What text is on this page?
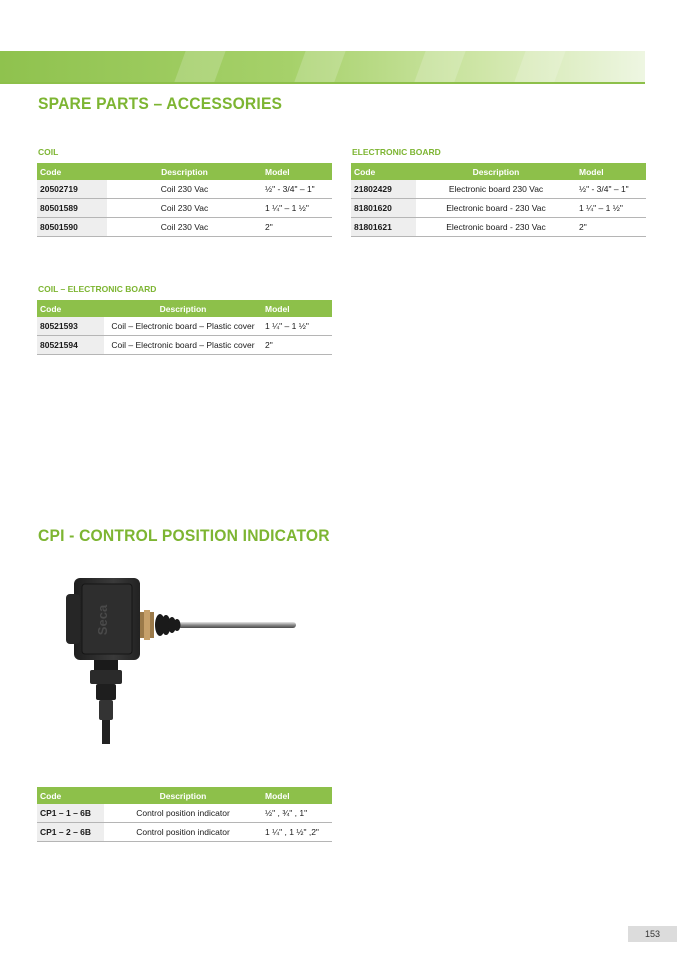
SPARE PARTS – ACCESSORIES
COIL
Code	Description	Model
20502719	Coil 230 Vac	½" - 3/4" – 1"
80501589	Coil 230 Vac	1 ¼" – 1 ½"
80501590	Coil 230 Vac	2"
ELECTRONIC BOARD
Code	Description	Model
21802429	Electronic board 230 Vac	½" - 3/4" – 1"
81801620	Electronic board - 230 Vac	1 ¼" – 1 ½"
81801621	Electronic board - 230 Vac	2"
COIL – ELECTRONIC BOARD
Code	Description	Model
80521593	Coil – Electronic board – Plastic cover	1 ¼" – 1 ½"
80521594	Coil – Electronic board – Plastic cover	2"
CPI - CONTROL POSITION INDICATOR
Seca
Code	Description	Model
CP1 – 1 – 6B	Control position indicator	½" , ¾" , 1"
CP1 – 2 – 6B	Control position indicator	1 ¼" , 1 ½" ,2"
153
